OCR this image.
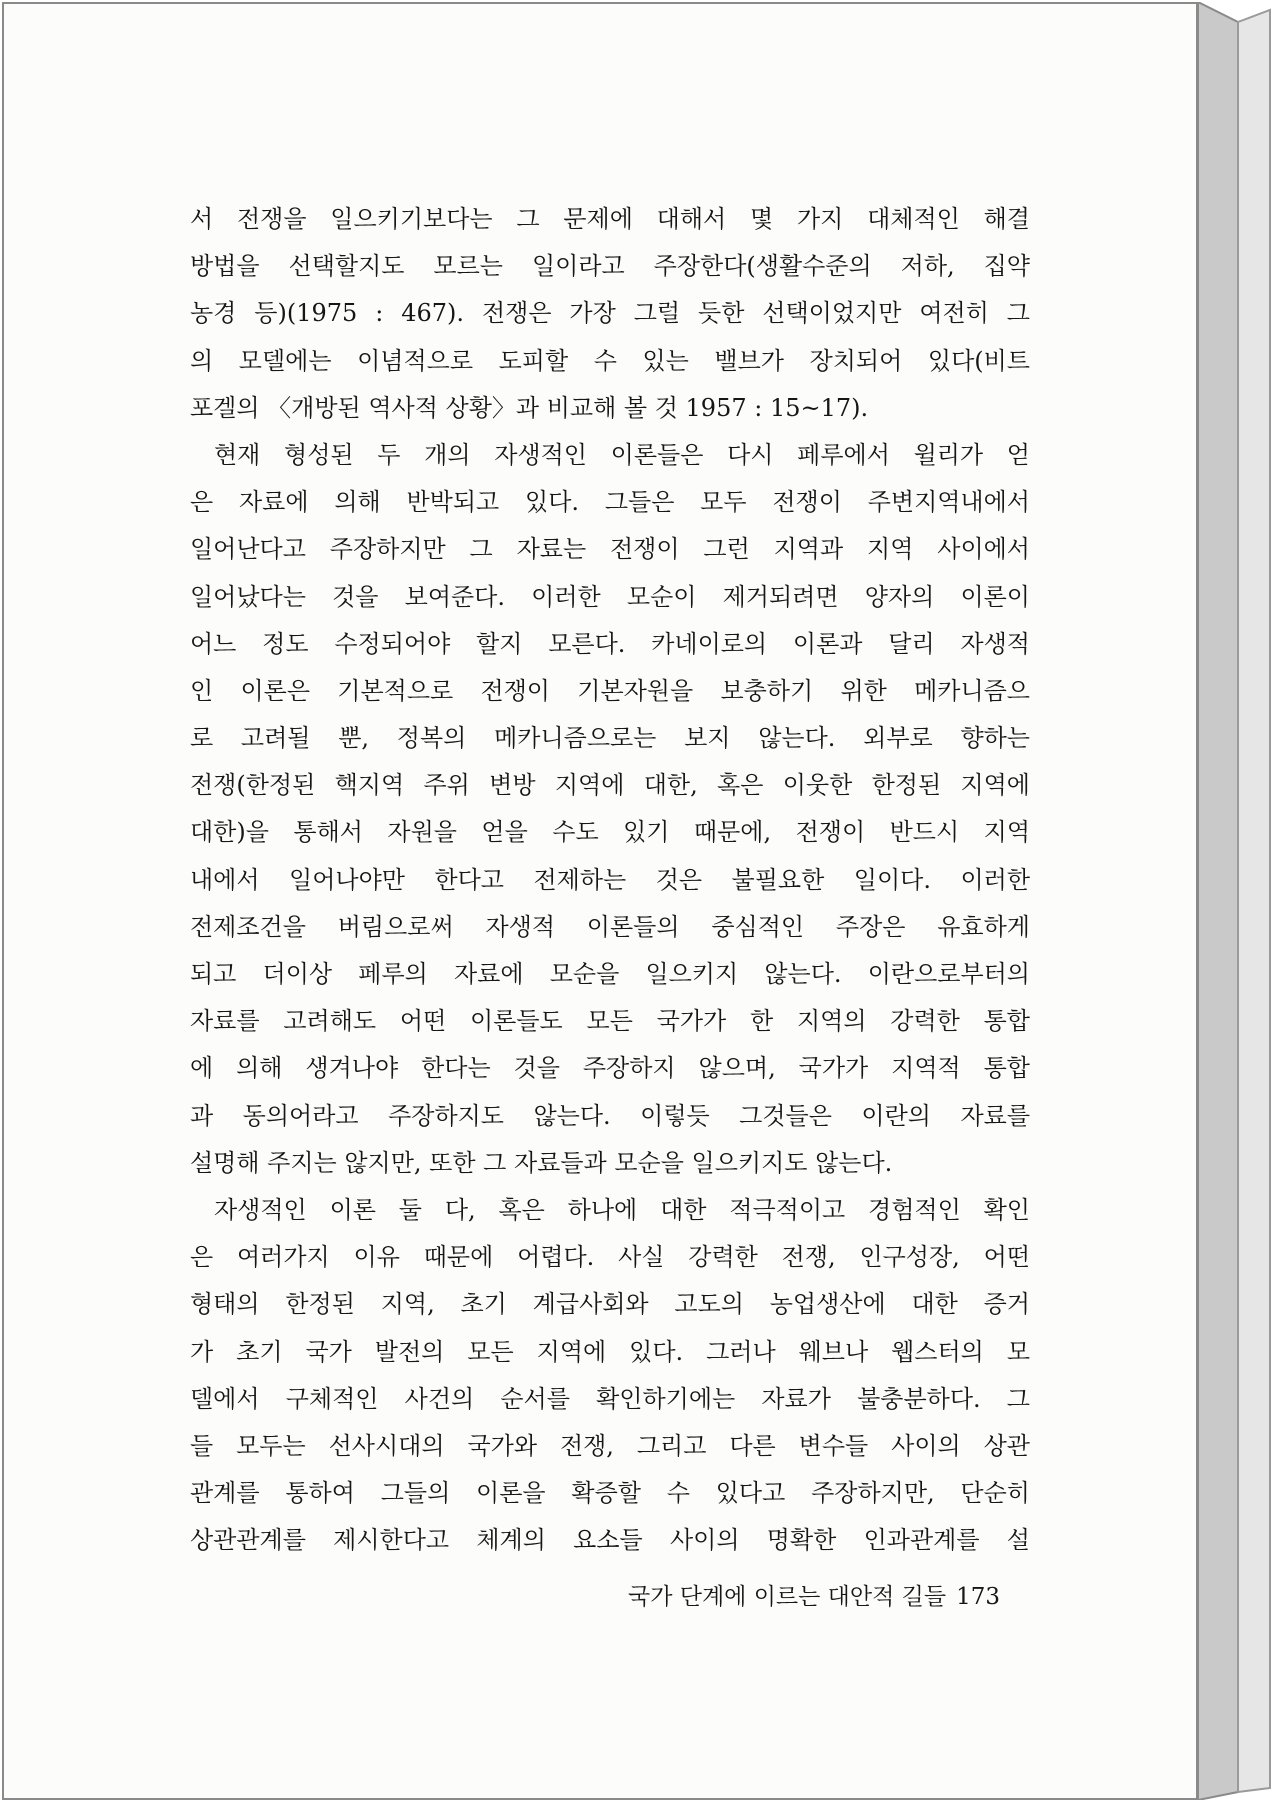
서 전쟁을 일으키기보다는 그 문제에 대해서 몇 가지 대체적인 해결
방법을 선택할지도 모르는 일이라고 주장한다(생활수준의 저하, 집약
농경 등)(1975 : 467). 전쟁은 가장 그럴 듯한 선택이었지만 여전히 그
의 모델에는 이념적으로 도피할 수 있는 밸브가 장치되어 있다(비트
포겔의 〈개방된 역사적 상황〉과 비교해 볼 것 1957 : 15~17).
현재 형성된 두 개의 자생적인 이론들은 다시 페루에서 윌리가 얻
은 자료에 의해 반박되고 있다. 그들은 모두 전쟁이 주변지역내에서
일어난다고 주장하지만 그 자료는 전쟁이 그런 지역과 지역 사이에서
일어났다는 것을 보여준다. 이러한 모순이 제거되려면 양자의 이론이
어느 정도 수정되어야 할지 모른다. 카네이로의 이론과 달리 자생적
인 이론은 기본적으로 전쟁이 기본자원을 보충하기 위한 메카니즘으
로 고려될 뿐, 정복의 메카니즘으로는 보지 않는다. 외부로 향하는
전쟁(한정된 핵지역 주위 변방 지역에 대한, 혹은 이웃한 한정된 지역에
대한)을 통해서 자원을 얻을 수도 있기 때문에, 전쟁이 반드시 지역
내에서 일어나야만 한다고 전제하는 것은 불필요한 일이다. 이러한
전제조건을 버림으로써 자생적 이론들의 중심적인 주장은 유효하게
되고 더이상 페루의 자료에 모순을 일으키지 않는다. 이란으로부터의
자료를 고려해도 어떤 이론들도 모든 국가가 한 지역의 강력한 통합
에 의해 생겨나야 한다는 것을 주장하지 않으며, 국가가 지역적 통합
과 동의어라고 주장하지도 않는다. 이렇듯 그것들은 이란의 자료를
설명해 주지는 않지만, 또한 그 자료들과 모순을 일으키지도 않는다.
자생적인 이론 둘 다, 혹은 하나에 대한 적극적이고 경험적인 확인
은 여러가지 이유 때문에 어렵다. 사실 강력한 전쟁, 인구성장, 어떤
형태의 한정된 지역, 초기 계급사회와 고도의 농업생산에 대한 증거
가 초기 국가 발전의 모든 지역에 있다. 그러나 웨브나 웹스터의 모
델에서 구체적인 사건의 순서를 확인하기에는 자료가 불충분하다. 그
들 모두는 선사시대의 국가와 전쟁, 그리고 다른 변수들 사이의 상관
관계를 통하여 그들의 이론을 확증할 수 있다고 주장하지만, 단순히
상관관계를 제시한다고 체계의 요소들 사이의 명확한 인과관계를 설
국가 단계에 이르는 대안적 길들 173
